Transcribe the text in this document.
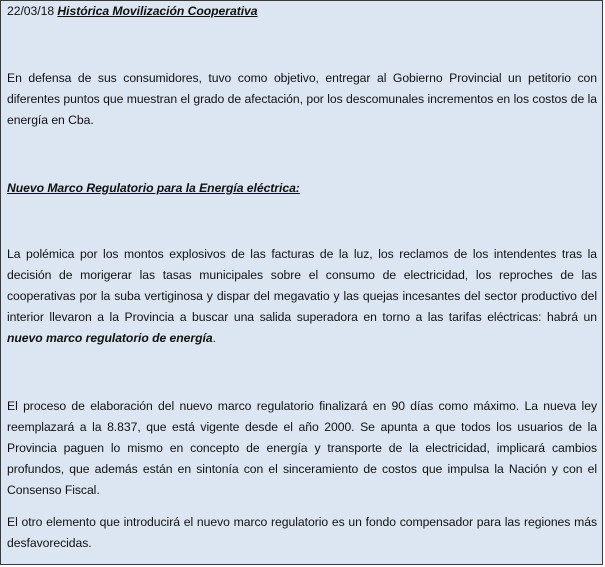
22/03/18 Histórica Movilización Cooperativa
En defensa de sus consumidores, tuvo como objetivo, entregar al Gobierno Provincial un petitorio con diferentes puntos que muestran el grado de afectación, por los descomunales incrementos en los costos de la energía en Cba.
Nuevo Marco Regulatorio para la Energía eléctrica:
La polémica por los montos explosivos de las facturas de la luz, los reclamos de los intendentes tras la decisión de morigerar las tasas municipales sobre el consumo de electricidad, los reproches de las cooperativas por la suba vertiginosa y dispar del megavatio y las quejas incesantes del sector productivo del interior llevaron a la Provincia a buscar una salida superadora en torno a las tarifas eléctricas: habrá un nuevo marco regulatorio de energía.
El proceso de elaboración del nuevo marco regulatorio finalizará en 90 días como máximo. La nueva ley reemplazará a la 8.837, que está vigente desde el año 2000. Se apunta a que todos los usuarios de la Provincia paguen lo mismo en concepto de energía y transporte de la electricidad, implicará cambios profundos, que además están en sintonía con el sinceramiento de costos que impulsa la Nación y con el Consenso Fiscal.
El otro elemento que introducirá el nuevo marco regulatorio es un fondo compensador para las regiones más desfavorecidas.
